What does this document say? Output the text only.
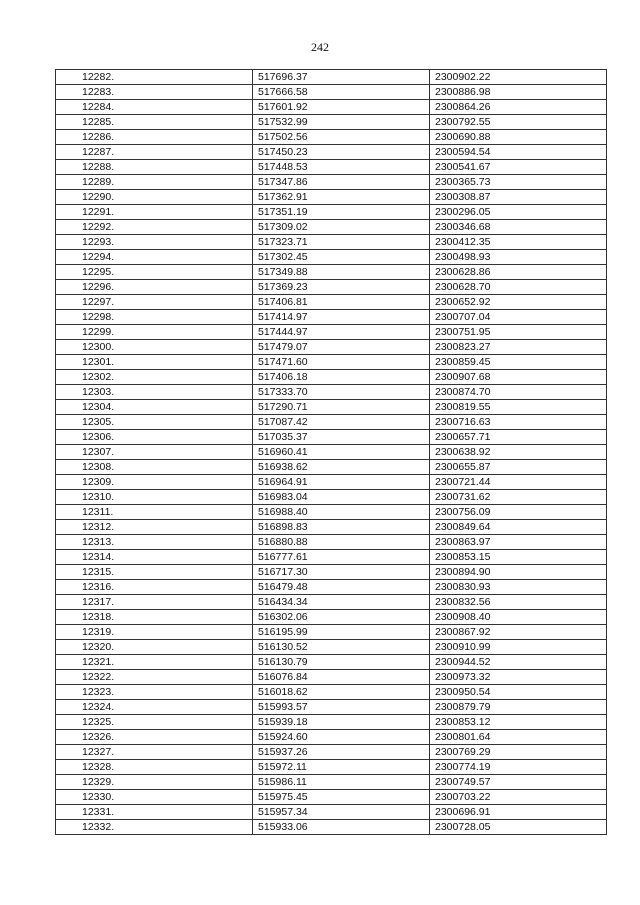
242
12282.	517696.37	2300902.22
12283.	517666.58	2300886.98
12284.	517601.92	2300864.26
12285.	517532.99	2300792.55
12286.	517502.56	2300690.88
12287.	517450.23	2300594.54
12288.	517448.53	2300541.67
12289.	517347.86	2300365.73
12290.	517362.91	2300308.87
12291.	517351.19	2300296.05
12292.	517309.02	2300346.68
12293.	517323.71	2300412.35
12294.	517302.45	2300498.93
12295.	517349.88	2300628.86
12296.	517369.23	2300628.70
12297.	517406.81	2300652.92
12298.	517414.97	2300707.04
12299.	517444.97	2300751.95
12300.	517479.07	2300823.27
12301.	517471.60	2300859.45
12302.	517406.18	2300907.68
12303.	517333.70	2300874.70
12304.	517290.71	2300819.55
12305.	517087.42	2300716.63
12306.	517035.37	2300657.71
12307.	516960.41	2300638.92
12308.	516938.62	2300655.87
12309.	516964.91	2300721.44
12310.	516983.04	2300731.62
12311.	516988.40	2300756.09
12312.	516898.83	2300849.64
12313.	516880.88	2300863.97
12314.	516777.61	2300853.15
12315.	516717.30	2300894.90
12316.	516479.48	2300830.93
12317.	516434.34	2300832.56
12318.	516302.06	2300908.40
12319.	516195.99	2300867.92
12320.	516130.52	2300910.99
12321.	516130.79	2300944.52
12322.	516076.84	2300973.32
12323.	516018.62	2300950.54
12324.	515993.57	2300879.79
12325.	515939.18	2300853.12
12326.	515924.60	2300801.64
12327.	515937.26	2300769.29
12328.	515972.11	2300774.19
12329.	515986.11	2300749.57
12330.	515975.45	2300703.22
12331.	515957.34	2300696.91
12332.	515933.06	2300728.05
